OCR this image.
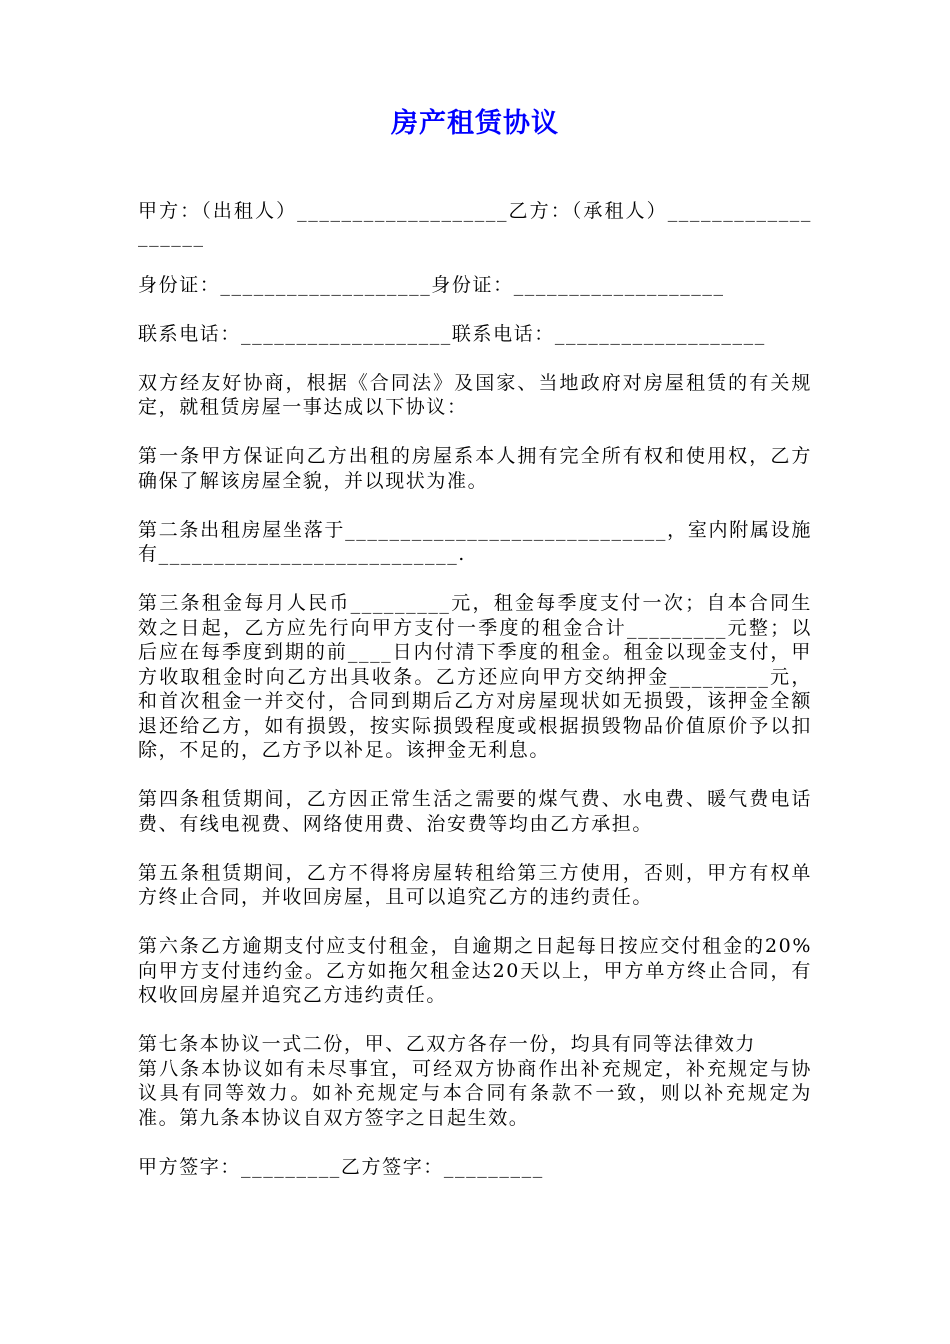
房产租赁协议

甲方：（出租人）___________________乙方：（承租人）___________________

身份证：___________________身份证：___________________

联系电话：___________________联系电话：___________________

双方经友好协商，根据《合同法》及国家、当地政府对房屋租赁的有关规定，就租赁房屋一事达成以下协议：

第一条甲方保证向乙方出租的房屋系本人拥有完全所有权和使用权，乙方确保了解该房屋全貌，并以现状为准。

第二条出租房屋坐落于_____________________________，室内附属设施有___________________________.

第三条租金每月人民币_________元，租金每季度支付一次；自本合同生效之日起，乙方应先行向甲方支付一季度的租金合计_________元整；以后应在每季度到期的前____日内付清下季度的租金。租金以现金支付，甲方收取租金时向乙方出具收条。乙方还应向甲方交纳押金_________元，和首次租金一并交付，合同到期后乙方对房屋现状如无损毁，该押金全额退还给乙方，如有损毁，按实际损毁程度或根据损毁物品价值原价予以扣除，不足的，乙方予以补足。该押金无利息。

第四条租赁期间，乙方因正常生活之需要的煤气费、水电费、暖气费电话费、有线电视费、网络使用费、治安费等均由乙方承担。

第五条租赁期间，乙方不得将房屋转租给第三方使用，否则，甲方有权单方终止合同，并收回房屋，且可以追究乙方的违约责任。

第六条乙方逾期支付应支付租金，自逾期之日起每日按应交付租金的20%向甲方支付违约金。乙方如拖欠租金达20天以上，甲方单方终止合同，有权收回房屋并追究乙方违约责任。

第七条本协议一式二份，甲、乙双方各存一份，均具有同等法律效力

第八条本协议如有未尽事宜，可经双方协商作出补充规定，补充规定与协议具有同等效力。如补充规定与本合同有条款不一致，则以补充规定为准。第九条本协议自双方签字之日起生效。

甲方签字：_________乙方签字：_________
